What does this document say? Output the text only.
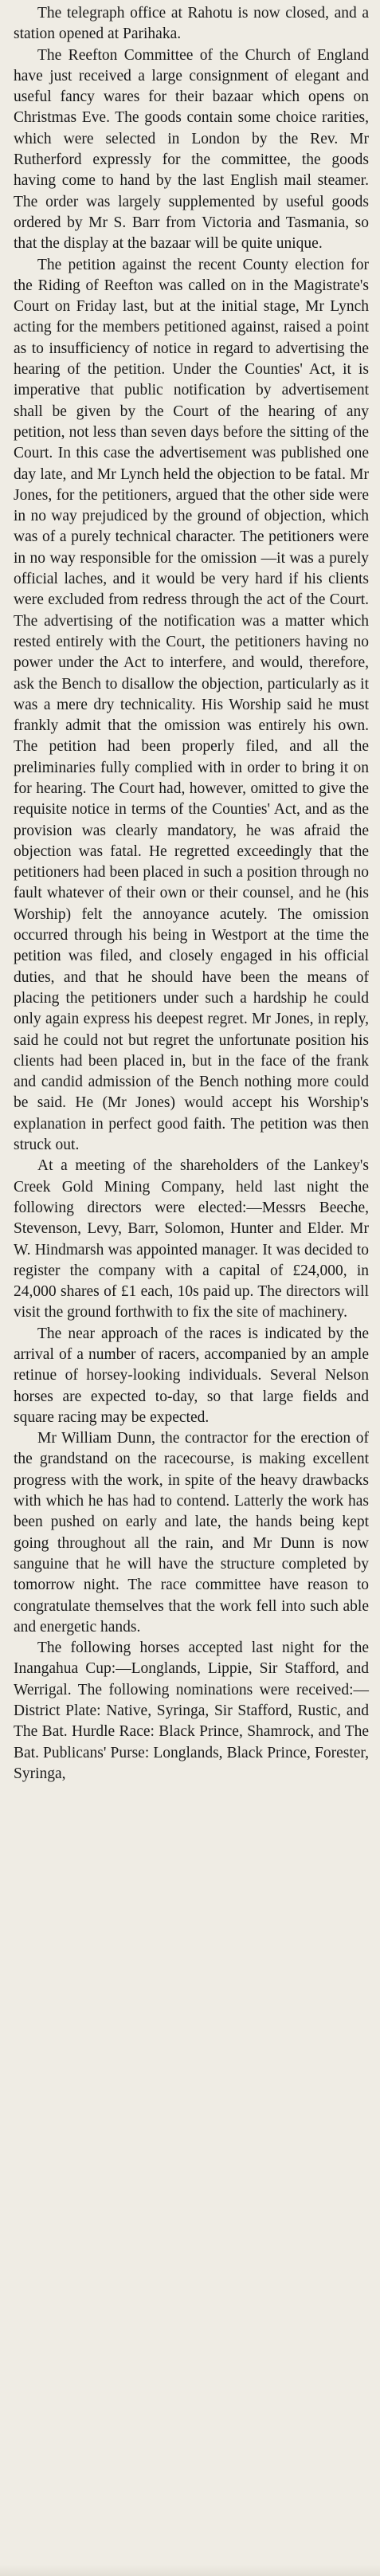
The telegraph office at Rahotu is now closed, and a station opened at Parihaka.

The Reefton Committee of the Church of England have just received a large consignment of elegant and useful fancy wares for their bazaar which opens on Christmas Eve. The goods contain some choice rarities, which were selected in London by the Rev. Mr Rutherford expressly for the committee, the goods having come to hand by the last English mail steamer. The order was largely supplemented by useful goods ordered by Mr S. Barr from Victoria and Tasmania, so that the display at the bazaar will be quite unique.

The petition against the recent County election for the Riding of Reefton was called on in the Magistrate's Court on Friday last, but at the initial stage, Mr Lynch acting for the members petitioned against, raised a point as to insufficiency of notice in regard to advertising the hearing of the petition. Under the Counties' Act, it is imperative that public notification by advertisement shall be given by the Court of the hearing of any petition, not less than seven days before the sitting of the Court. In this case the advertisement was published one day late, and Mr Lynch held the objection to be fatal. Mr Jones, for the petitioners, argued that the other side were in no way prejudiced by the ground of objection, which was of a purely technical character. The petitioners were in no way responsible for the omission —it was a purely official laches, and it would be very hard if his clients were excluded from redress through the act of the Court. The advertising of the notification was a matter which rested entirely with the Court, the petitioners having no power under the Act to interfere, and would, therefore, ask the Bench to disallow the objection, particularly as it was a mere dry technicality. His Worship said he must frankly admit that the omission was entirely his own. The petition had been properly filed, and all the preliminaries fully complied with in order to bring it on for hearing. The Court had, however, omitted to give the requisite notice in terms of the Counties' Act, and as the provision was clearly mandatory, he was afraid the objection was fatal. He regretted exceedingly that the petitioners had been placed in such a position through no fault whatever of their own or their counsel, and he (his Worship) felt the annoyance acutely. The omission occurred through his being in Westport at the time the petition was filed, and closely engaged in his official duties, and that he should have been the means of placing the petitioners under such a hardship he could only again express his deepest regret. Mr Jones, in reply, said he could not but regret the unfortunate position his clients had been placed in, but in the face of the frank and candid admission of the Bench nothing more could be said. He (Mr Jones) would accept his Worship's explanation in perfect good faith. The petition was then struck out.

At a meeting of the shareholders of the Lankey's Creek Gold Mining Company, held last night the following directors were elected:—Messrs Beeche, Stevenson, Levy, Barr, Solomon, Hunter and Elder. Mr W. Hindmarsh was appointed manager. It was decided to register the company with a capital of £24,000, in 24,000 shares of £1 each, 10s paid up. The directors will visit the ground forthwith to fix the site of machinery.

The near approach of the races is indicated by the arrival of a number of racers, accompanied by an ample retinue of horsey-looking individuals. Several Nelson horses are expected to-day, so that large fields and square racing may be expected.

Mr William Dunn, the contractor for the erection of the grandstand on the racecourse, is making excellent progress with the work, in spite of the heavy drawbacks with which he has had to contend. Latterly the work has been pushed on early and late, the hands being kept going throughout all the rain, and Mr Dunn is now sanguine that he will have the structure completed by tomorrow night. The race committee have reason to congratulate themselves that the work fell into such able and energetic hands.

The following horses accepted last night for the Inangahua Cup:—Longlands, Lippie, Sir Stafford, and Werrigal. The following nominations were received:—District Plate: Native, Syringa, Sir Stafford, Rustic, and The Bat. Hurdle Race: Black Prince, Shamrock, and The Bat. Publicans' Purse: Longlands, Black Prince, Forester, Syringa,
